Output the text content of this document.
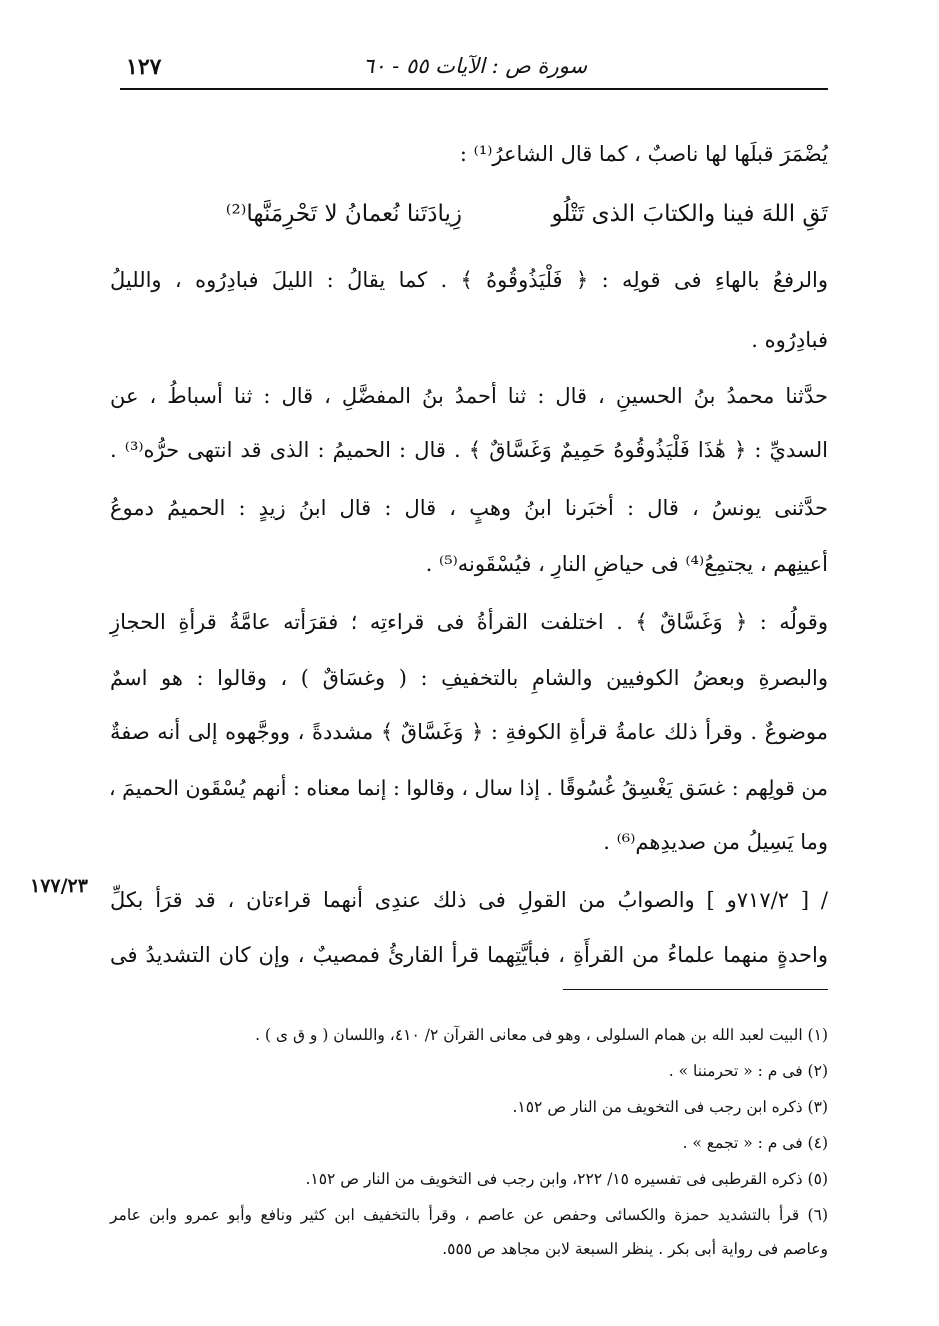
١٢٧	سورة ص : الآيات ٥٥ - ٦٠
يُضْمَرَ قبلَها لها ناصبٌ ، كما قال الشاعرُ⁽¹⁾ :
زِيادَتَنا نُعمانُ لا تَحْرِمَنَّها⁽²⁾	تَقِ اللهَ فينا والكتابَ الذى تَتْلُو
والرفعُ بالهاءِ فى قولِه : ﴿ فَلْيَذُوقُوهُ ﴾ . كما يقالُ : الليلَ فبادِرُوه ، والليلُ
فبادِرُوه .
حدَّثنا محمدُ بنُ الحسينِ ، قال : ثنا أحمدُ بنُ المفضَّلِ ، قال : ثنا أسباطُ ، عن
السديِّ : ﴿ هَٰذَا فَلْيَذُوقُوهُ حَمِيمٌ وَغَسَّاقٌ ﴾ . قال : الحميمُ : الذى قد انتهى حرُّه⁽³⁾ .
حدَّثنى يونسُ ، قال : أخبَرنا ابنُ وهبٍ ، قال : قال ابنُ زيدٍ : الحميمُ دموعُ
أعينِهم ، يجتمِعُ⁽⁴⁾ فى حياضِ النارِ ، فيُسْقَونه⁽⁵⁾ .
وقولُه : ﴿ وَغَسَّاقٌ ﴾ . اختلفت القرأةُ فى قراءتِه ؛ فقرَأته عامَّةُ قرأةِ الحجازِ
والبصرةِ وبعضُ الكوفيين والشامِ بالتخفيفِ : ( وغسَاقٌ ) ، وقالوا : هو اسمٌ
موضوعٌ . وقرأ ذلك عامةُ قرأةِ الكوفةِ : ﴿ وَغَسَّاقٌ ﴾ مشددةً ، ووجَّهوه إلى أنه صفةٌ
من قولِهم : غسَق يَغْسِقُ غُسُوقًا . إذا سال ، وقالوا : إنما معناه : أنهم يُسْقَون الحميمَ ،
وما يَسِيلُ من صديدِهم⁽⁶⁾ .
/ [ ٧١٧/٢و ] والصوابُ من القولِ فى ذلك عندِى أنهما قراءتان ، قد قرَأ بكلِّ
واحدةٍ منهما علماءُ من القرأَةِ ، فبأيَّتِهما قرأ القارئُ فمصيبٌ ، وإن كان التشديدُ فى
١٧٧/٢٣
(١) البيت لعبد الله بن همام السلولى ، وهو فى معانى القرآن ٢/ ٤١٠، واللسان ( و ق ى ) .
(٢) فى م : « تحرمننا » .
(٣) ذكره ابن رجب فى التخويف من النار ص ١٥٢.
(٤) فى م : « تجمع » .
(٥) ذكره القرطبى فى تفسيره ١٥/ ٢٢٢، وابن رجب فى التخويف من النار ص ١٥٢.
(٦) قرأ بالتشديد حمزة والكسائى وحفص عن عاصم ، وقرأ بالتخفيف ابن كثير ونافع وأبو عمرو وابن عامر
وعاصم فى رواية أبى بكر . ينظر السبعة لابن مجاهد ص ٥٥٥.
